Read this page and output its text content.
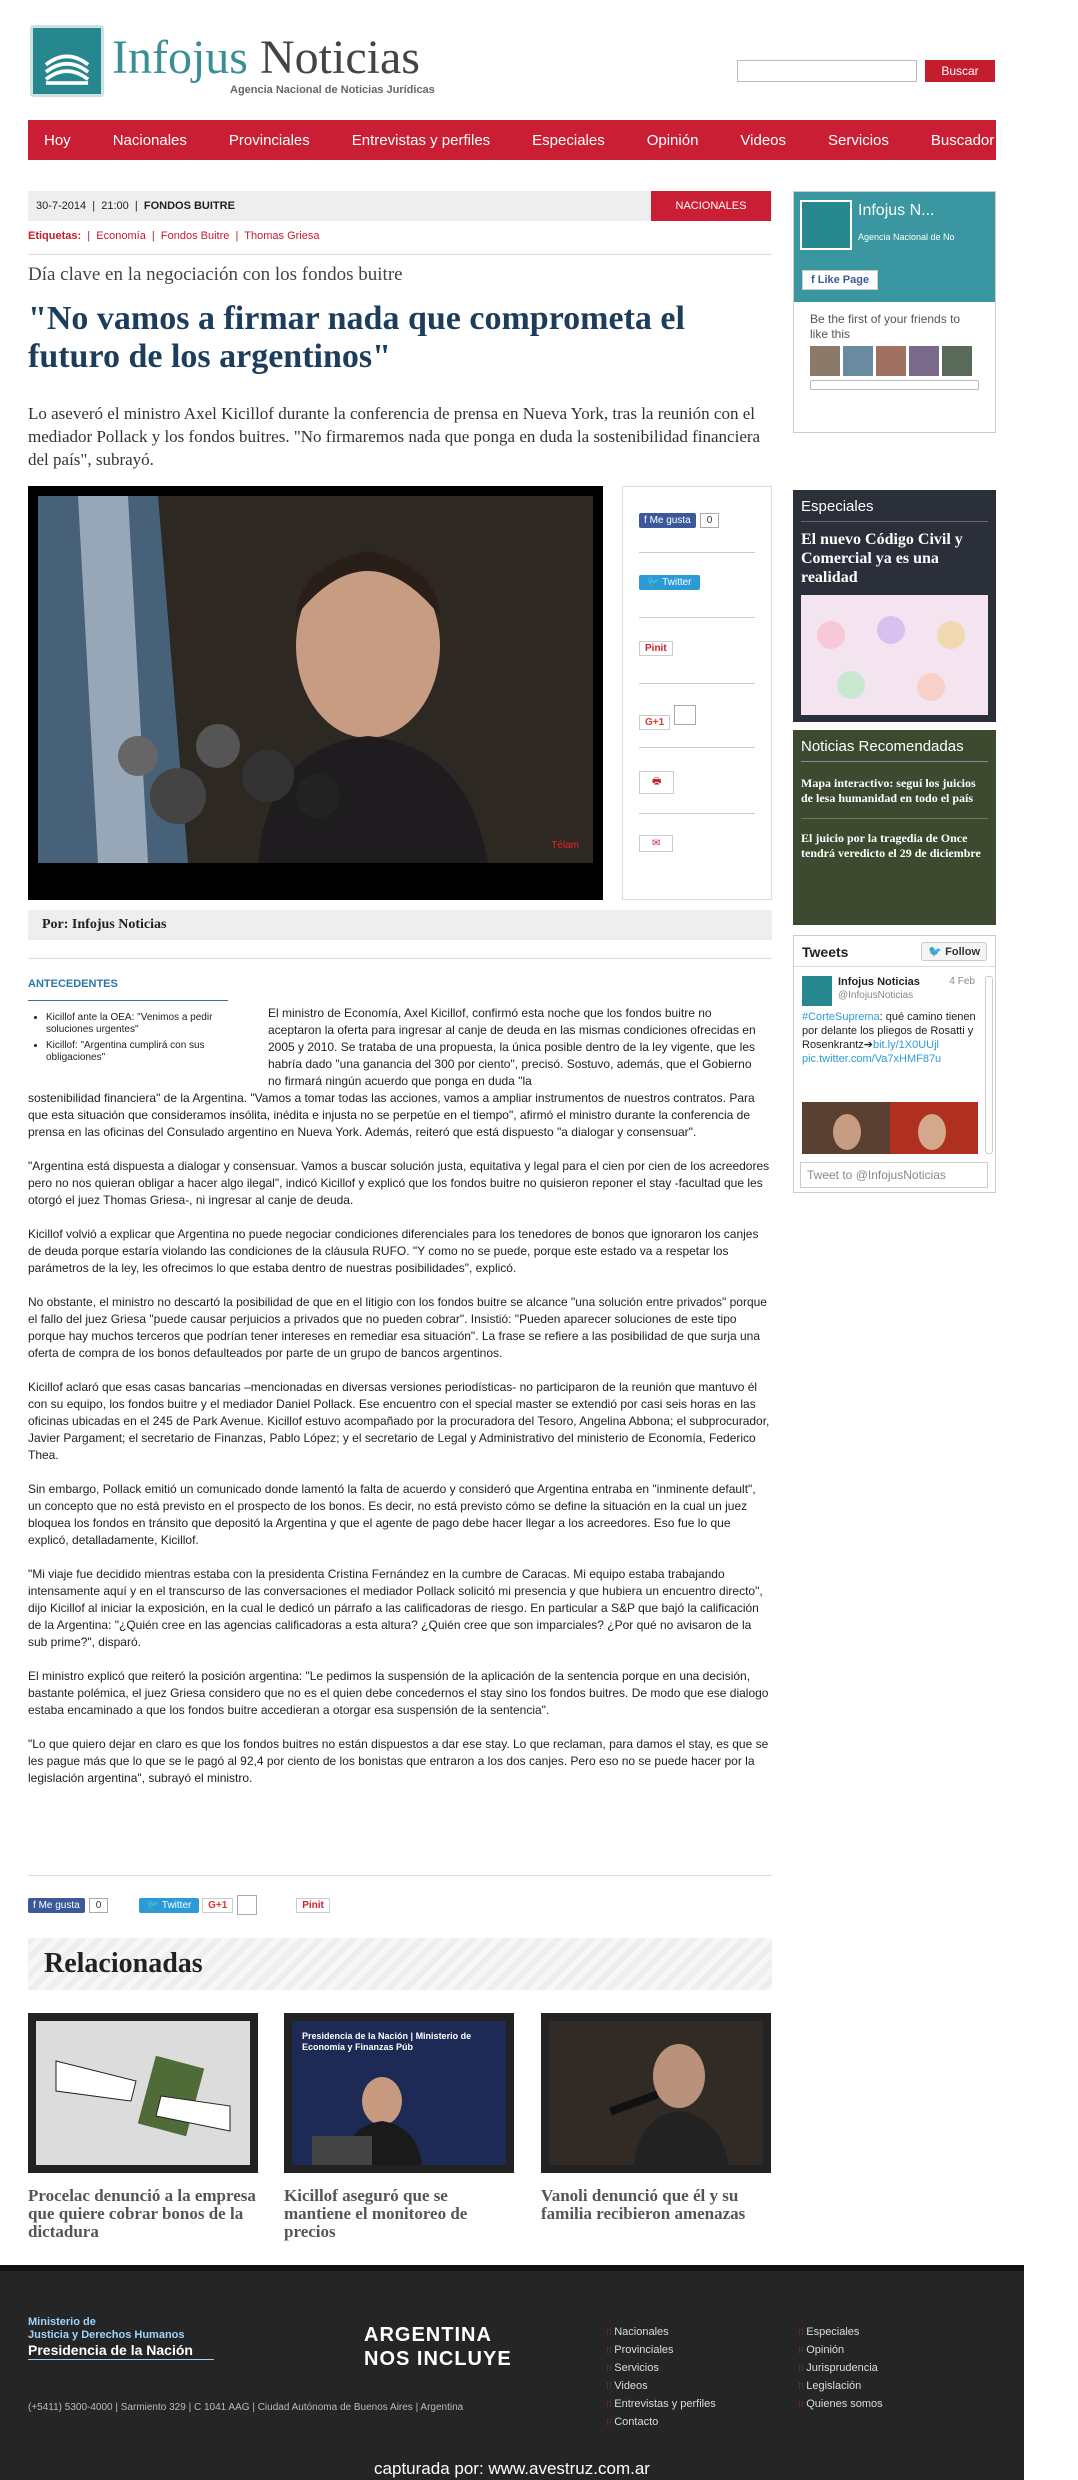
Infojus Noticias
Agencia Nacional de Noticias Jurídicas
Buscar
Hoy	Nacionales	Provinciales	Entrevistas y perfiles	Especiales	Opinión	Videos	Servicios	Buscador Avanzado
30-7-2014  |  21:00  |  FONDOS BUITRE	NACIONALES
Etiquetas:  |  Economía  |  Fondos Buitre  |  Thomas Griesa
Día clave en la negociación con los fondos buitre
"No vamos a firmar nada que comprometa el futuro de los argentinos"

Lo aseveró el ministro Axel Kicillof durante la conferencia de prensa en Nueva York, tras la reunión con el mediador Pollack y los fondos buitres. "No firmaremos nada que ponga en duda la sostenibilidad financiera del país", subrayó.

Télam
f Me gusta 0
🐦 Twitter
Pinit
G+1
🖶
✉
Por: Infojus Noticias
ANTECEDENTES
• Kicillof ante la OEA: "Venimos a pedir soluciones urgentes"
• Kicillof: "Argentina cumplirá con sus obligaciones"

El ministro de Economía, Axel Kicillof, confirmó esta noche que los fondos buitre no aceptaron la oferta para ingresar al canje de deuda en las mismas condiciones ofrecidas en 2005 y 2010. Se trataba de una propuesta, la única posible dentro de la ley vigente, que les habría dado "una ganancia del 300 por ciento", precisó. Sostuvo, además, que el Gobierno no firmará ningún acuerdo que ponga en duda "la

sostenibilidad financiera" de la Argentina. "Vamos a tomar todas las acciones, vamos a ampliar instrumentos de nuestros contratos. Para que esta situación que consideramos insólita, inédita e injusta no se perpetúe en el tiempo", afirmó el ministro durante la conferencia de prensa en las oficinas del Consulado argentino en Nueva York. Además, reiteró que está dispuesto "a dialogar y consensuar".

"Argentina está dispuesta a dialogar y consensuar. Vamos a buscar solución justa, equitativa y legal para el cien por cien de los acreedores pero no nos quieran obligar a hacer algo ilegal", indicó Kicillof y explicó que los fondos buitre no quisieron reponer el stay -facultad que les otorgó el juez Thomas Griesa-, ni ingresar al canje de deuda.

Kicillof volvió a explicar que Argentina no puede negociar condiciones diferenciales para los tenedores de bonos que ignoraron los canjes de deuda porque estaría violando las condiciones de la cláusula RUFO. "Y como no se puede, porque este estado va a respetar los parámetros de la ley, les ofrecimos lo que estaba dentro de nuestras posibilidades", explicó.

No obstante, el ministro no descartó la posibilidad de que en el litigio con los fondos buitre se alcance "una solución entre privados" porque el fallo del juez Griesa "puede causar perjuicios a privados que no pueden cobrar". Insistió: "Pueden aparecer soluciones de este tipo porque hay muchos terceros que podrían tener intereses en remediar esa situación". La frase se refiere a las posibilidad de que surja una oferta de compra de los bonos defaulteados por parte de un grupo de bancos argentinos.

Kicillof aclaró que esas casas bancarias –mencionadas en diversas versiones periodísticas- no participaron de la reunión que mantuvo él con su equipo, los fondos buitre y el mediador Daniel Pollack. Ese encuentro con el special master se extendió por casi seis horas en las oficinas ubicadas en el 245 de Park Avenue. Kicillof estuvo acompañado por la procuradora del Tesoro, Angelina Abbona; el subprocurador, Javier Pargament; el secretario de Finanzas, Pablo López; y el secretario de Legal y Administrativo del ministerio de Economía, Federico Thea.

Sin embargo, Pollack emitió un comunicado donde lamentó la falta de acuerdo y consideró que Argentina entraba en "inminente default", un concepto que no está previsto en el prospecto de los bonos. Es decir, no está previsto cómo se define la situación en la cual un juez bloquea los fondos en tránsito que depositó la Argentina y que el agente de pago debe hacer llegar a los acreedores. Eso fue lo que explicó, detalladamente, Kicillof.

"Mi viaje fue decidido mientras estaba con la presidenta Cristina Fernández en la cumbre de Caracas. Mi equipo estaba trabajando intensamente aquí y en el transcurso de las conversaciones el mediador Pollack solicitó mi presencia y que hubiera un encuentro directo", dijo Kicillof al iniciar la exposición, en la cual le dedicó un párrafo a las calificadoras de riesgo. En particular a S&P que bajó la calificación de la Argentina: "¿Quién cree en las agencias calificadoras a esta altura? ¿Quién cree que son imparciales? ¿Por qué no avisaron de la sub prime?", disparó.

El ministro explicó que reiteró la posición argentina: "Le pedimos la suspensión de la aplicación de la sentencia porque en una decisión, bastante polémica, el juez Griesa considero que no es el quien debe concedernos el stay sino los fondos buitres. De modo que ese dialogo estaba encaminado a que los fondos buitre accedieran a otorgar esa suspensión de la sentencia".

"Lo que quiero dejar en claro es que los fondos buitres no están dispuestos a dar ese stay. Lo que reclaman, para damos el stay, es que se les pague más que lo que se le pagó al 92,4 por ciento de los bonistas que entraron a los dos canjes. Pero eso no se puede hacer por la legislación argentina", subrayó el ministro.

f Me gusta 0	🐦 Twitter G+1	Pinit
Relacionadas
Procelac denunció a la empresa que quiere cobrar bonos de la dictadura
Presidencia de la Nación | Ministerio de Economía y Finanzas Púb
Kicillof aseguró que se mantiene el monitoreo de precios
Vanoli denunció que él y su familia recibieron amenazas
Infojus N...
Agencia Nacional de No
f Like Page
Be the first of your friends to like this
Especiales
El nuevo Código Civil y Comercial ya es una realidad
Noticias Recomendadas
Mapa interactivo: seguí los juicios de lesa humanidad en todo el país
El juicio por la tragedia de Once tendrá veredicto el 29 de diciembre
Tweets	🐦 Follow
Infojus Noticias
@InfojusNoticias
4 Feb
#CorteSuprema: qué camino tienen por delante los pliegos de Rosatti y Rosenkrantz➔bit.ly/1X0UUjl pic.twitter.com/Va7xHMF87u
Tweet to @InfojusNoticias
Ministerio de
Justicia y Derechos Humanos
Presidencia de la Nación
ARGENTINA
NOS INCLUYE
(+5411) 5300-4000 | Sarmiento 329 | C 1041 AAG | Ciudad Autónoma de Buenos Aires | Argentina
⁝⁝ Nacionales
⁝⁝ Provinciales
⁝⁝ Servicios
⁝⁝ Videos
⁝⁝ Entrevistas y perfiles
⁝⁝ Contacto
⁝⁝ Especiales
⁝⁝ Opinión
⁝⁝ Jurisprudencia
⁝⁝ Legislación
⁝⁝ Quienes somos
capturada por: www.avestruz.com.ar
